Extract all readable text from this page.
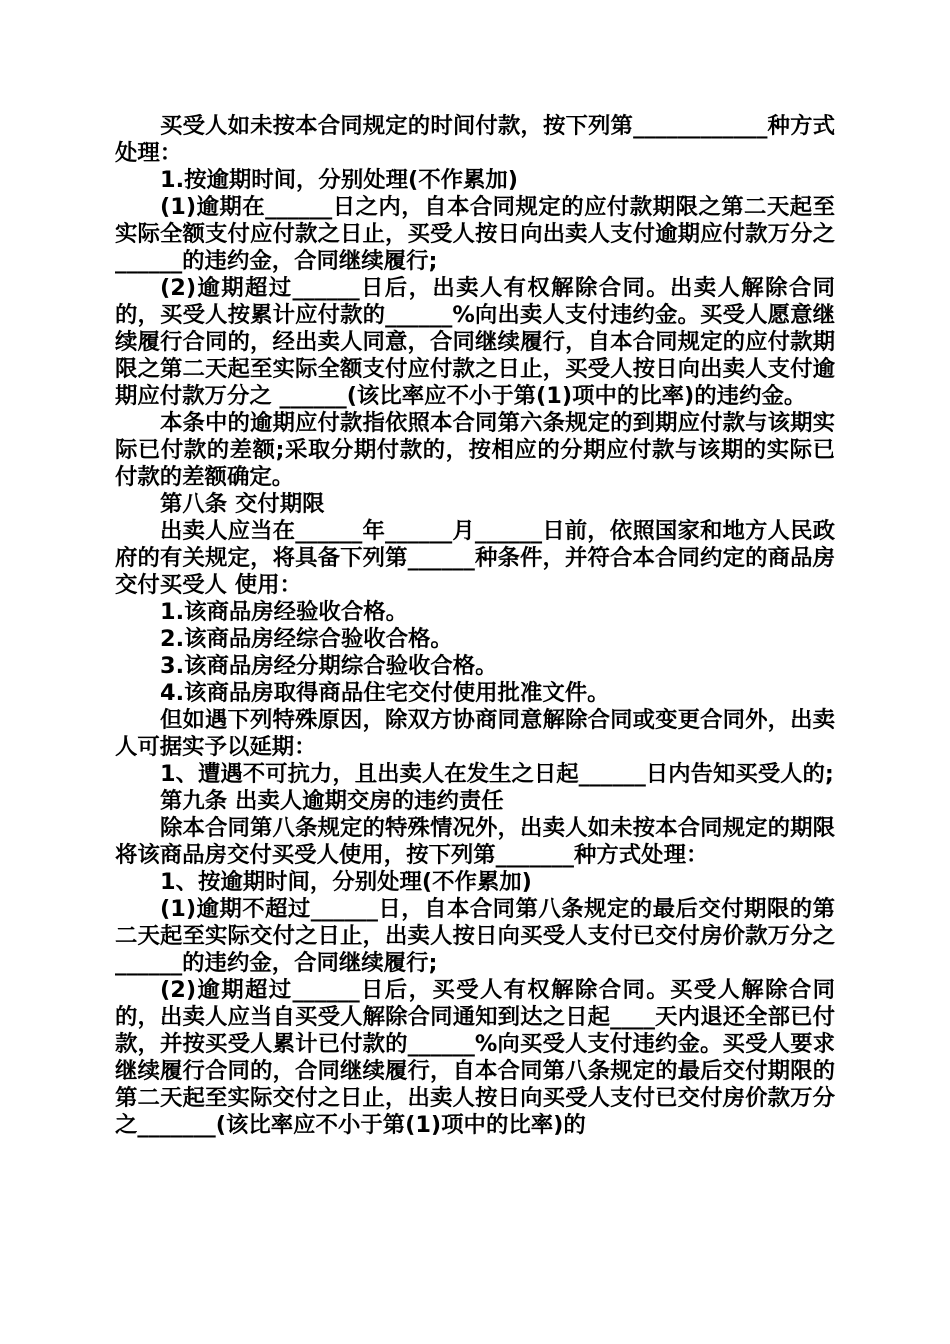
买受人如未按本合同规定的时间付款，按下列第____________种方式处理：

1.按逾期时间，分别处理(不作累加)

(1)逾期在______日之内，自本合同规定的应付款期限之第二天起至实际全额支付应付款之日止，买受人按日向出卖人支付逾期应付款万分之______的违约金，合同继续履行;

(2)逾期超过______日后，出卖人有权解除合同。出卖人解除合同的，买受人按累计应付款的______%向出卖人支付违约金。买受人愿意继续履行合同的，经出卖人同意，合同继续履行，自本合同规定的应付款期限之第二天起至实际全额支付应付款之日止，买受人按日向出卖人支付逾期应付款万分之 ______(该比率应不小于第(1)项中的比率)的违约金。

本条中的逾期应付款指依照本合同第六条规定的到期应付款与该期实际已付款的差额;采取分期付款的，按相应的分期应付款与该期的实际已付款的差额确定。

第八条 交付期限

出卖人应当在______年______月______日前，依照国家和地方人民政府的有关规定，将具备下列第______种条件，并符合本合同约定的商品房交付买受人 使用：

1.该商品房经验收合格。

2.该商品房经综合验收合格。

3.该商品房经分期综合验收合格。

4.该商品房取得商品住宅交付使用批准文件。

但如遇下列特殊原因，除双方协商同意解除合同或变更合同外，出卖人可据实予以延期：

1、遭遇不可抗力，且出卖人在发生之日起______日内告知买受人的;

第九条 出卖人逾期交房的违约责任

除本合同第八条规定的特殊情况外，出卖人如未按本合同规定的期限将该商品房交付买受人使用，按下列第_______种方式处理：

1、按逾期时间，分别处理(不作累加)

(1)逾期不超过______日，自本合同第八条规定的最后交付期限的第二天起至实际交付之日止，出卖人按日向买受人支付已交付房价款万分之______的违约金，合同继续履行;

(2)逾期超过______日后，买受人有权解除合同。买受人解除合同的，出卖人应当自买受人解除合同通知到达之日起____天内退还全部已付款，并按买受人累计已付款的______%向买受人支付违约金。买受人要求继续履行合同的，合同继续履行，自本合同第八条规定的最后交付期限的第二天起至实际交付之日止，出卖人按日向买受人支付已交付房价款万分之_______(该比率应不小于第(1)项中的比率)的
